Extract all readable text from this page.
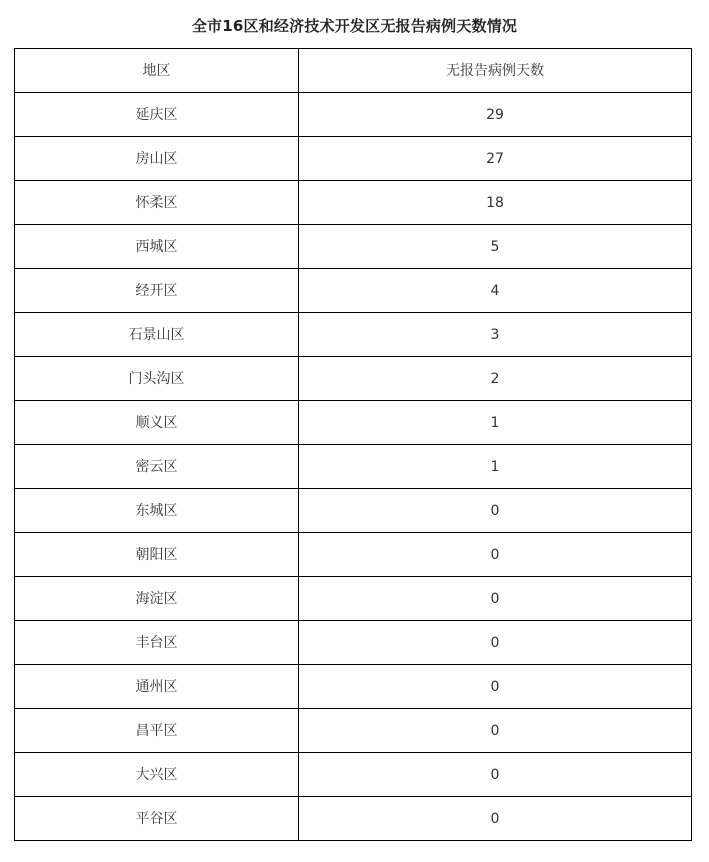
全市16区和经济技术开发区无报告病例天数情况
地区	无报告病例天数
延庆区	29
房山区	27
怀柔区	18
西城区	5
经开区	4
石景山区	3
门头沟区	2
顺义区	1
密云区	1
东城区	0
朝阳区	0
海淀区	0
丰台区	0
通州区	0
昌平区	0
大兴区	0
平谷区	0
